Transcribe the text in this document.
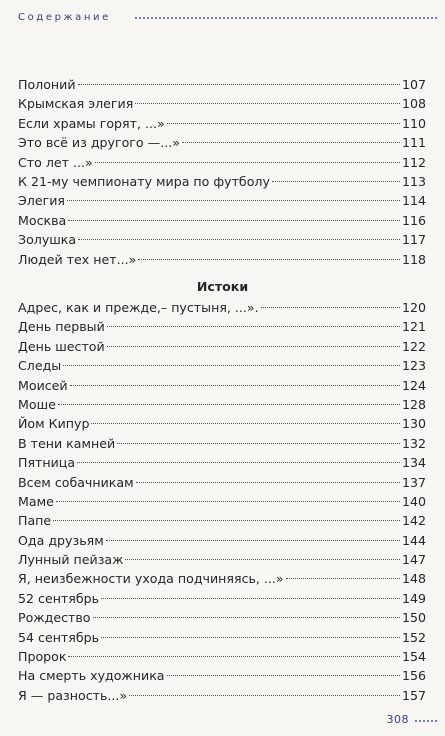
Содержание
Полоний	107
Крымская элегия	108
Если храмы горят, ...»	110
Это всё из другого —...»	111
Сто лет ...»	112
К 21-му чемпионату мира по футболу	113
Элегия	114
Москва	116
Золушка	117
Людей тех нет...»	118
Истоки
Адрес, как и прежде,– пустыня, ...».	120
День первый	121
День шестой	122
Следы	123
Моисей	124
Моше	128
Йом Кипур	130
В тени камней	132
Пятница	134
Всем собачникам	137
Маме	140
Папе	142
Ода друзьям	144
Лунный пейзаж	147
Я, неизбежности ухода подчиняясь, ...»	148
52 сентябрь	149
Рождество	150
54 сентябрь	152
Пророк	154
На смерть художника	156
Я — разность...»	157
308
